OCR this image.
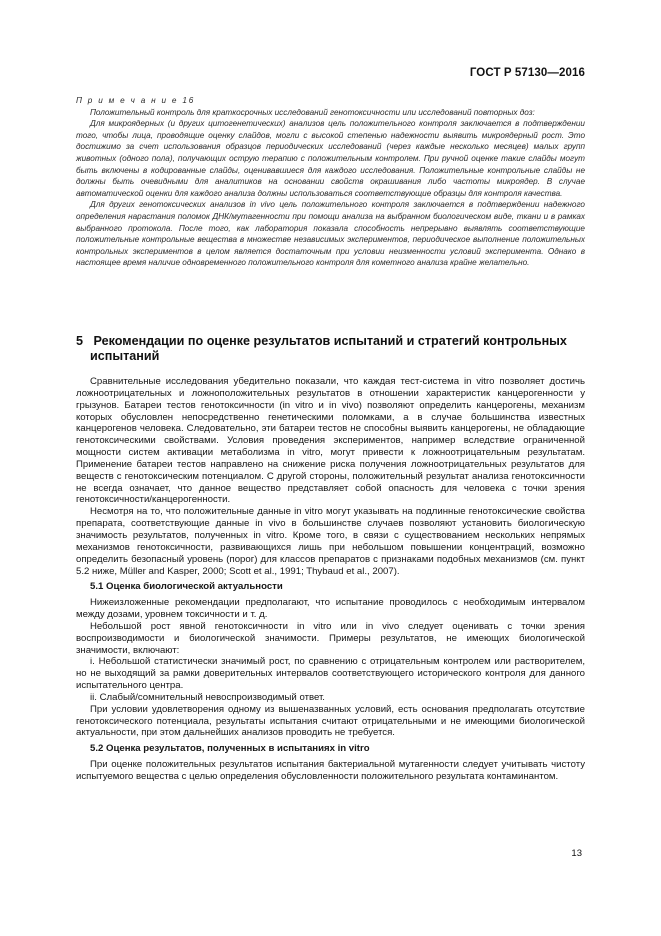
ГОСТ Р 57130—2016

П р и м е ч а н и е 16

Положительный контроль для краткосрочных исследований генотоксичности или исследований повторных доз:

Для микроядерных (и других цитогенетических) анализов цель положительного контроля заключается в подтверждении того, чтобы лица, проводящие оценку слайдов, могли с высокой степенью надежности выявить микроядерный рост. Это достижимо за счет использования образцов периодических исследований (через каждые несколько месяцев) малых групп животных (одного пола), получающих острую терапию с положительным контролем. При ручной оценке такие слайды могут быть включены в кодированные слайды, оценивавшиеся для каждого исследования. Положительные контрольные слайды не должны быть очевидными для аналитиков на основании свойств окрашивания либо частоты микроядер. В случае автоматической оценки для каждого анализа должны использоваться соответствующие образцы для контроля качества.

Для других генотоксических анализов in vivo цель положительного контроля заключается в подтверждении надежного определения нарастания поломок ДНК/мутагенности при помощи анализа на выбранном биологическом виде, ткани и в рамках выбранного протокола. После того, как лаборатория показала способность непрерывно выявлять соответствующие положительные контрольные вещества в множестве независимых экспериментов, периодическое выполнение положительных контрольных экспериментов в целом является достаточным при условии неизменности условий эксперимента. Однако в настоящее время наличие одновременного положительного контроля для кометного анализа крайне желательно.

5 Рекомендации по оценке результатов испытаний и стратегий контрольных
испытаний

Сравнительные исследования убедительно показали, что каждая тест-система in vitro позволяет достичь ложноотрицательных и ложноположительных результатов в отношении характеристик канцерогенности у грызунов. Батареи тестов генотоксичности (in vitro и in vivo) позволяют определить канцерогены, механизм которых обусловлен непосредственно генетическими поломками, а в случае большинства известных канцерогенов человека. Следовательно, эти батареи тестов не способны выявить канцерогены, не обладающие генотоксическими свойствами. Условия проведения экспериментов, например вследствие ограниченной мощности систем активации метаболизма in vitro, могут привести к ложноотрицательным результатам. Применение батареи тестов направлено на снижение риска получения ложноотрицательных результатов для веществ с генотоксическим потенциалом. С другой стороны, положительный результат анализа генотоксичности не всегда означает, что данное вещество представляет собой опасность для человека с точки зрения генотоксичности/канцерогенности.

Несмотря на то, что положительные данные in vitro могут указывать на подлинные генотоксические свойства препарата, соответствующие данные in vivo в большинстве случаев позволяют установить биологическую значимость результатов, полученных in vitro. Кроме того, в связи с существованием нескольких непрямых механизмов генотоксичности, развивающихся лишь при небольшом повышении концентраций, возможно определить безопасный уровень (порог) для классов препаратов с признаками подобных механизмов (см. пункт 5.2 ниже, Müller and Kasper, 2000; Scott et al., 1991; Thybaud et al., 2007).

5.1 Оценка биологической актуальности

Нижеизложенные рекомендации предполагают, что испытание проводилось с необходимым интервалом между дозами, уровнем токсичности и т. д.

Небольшой рост явной генотоксичности in vitro или in vivo следует оценивать с точки зрения воспроизводимости и биологической значимости. Примеры результатов, не имеющих биологической значимости, включают:

i. Небольшой статистически значимый рост, по сравнению с отрицательным контролем или растворителем, но не выходящий за рамки доверительных интервалов соответствующего исторического контроля для данного испытательного центра.

ii. Слабый/сомнительный невоспроизводимый ответ.

При условии удовлетворения одному из вышеназванных условий, есть основания предполагать отсутствие генотоксического потенциала, результаты испытания считают отрицательными и не имеющими биологической актуальности, при этом дальнейших анализов проводить не требуется.

5.2 Оценка результатов, полученных в испытаниях in vitro

При оценке положительных результатов испытания бактериальной мутагенности следует учитывать чистоту испытуемого вещества с целью определения обусловленности положительного результата контаминантом.

13
